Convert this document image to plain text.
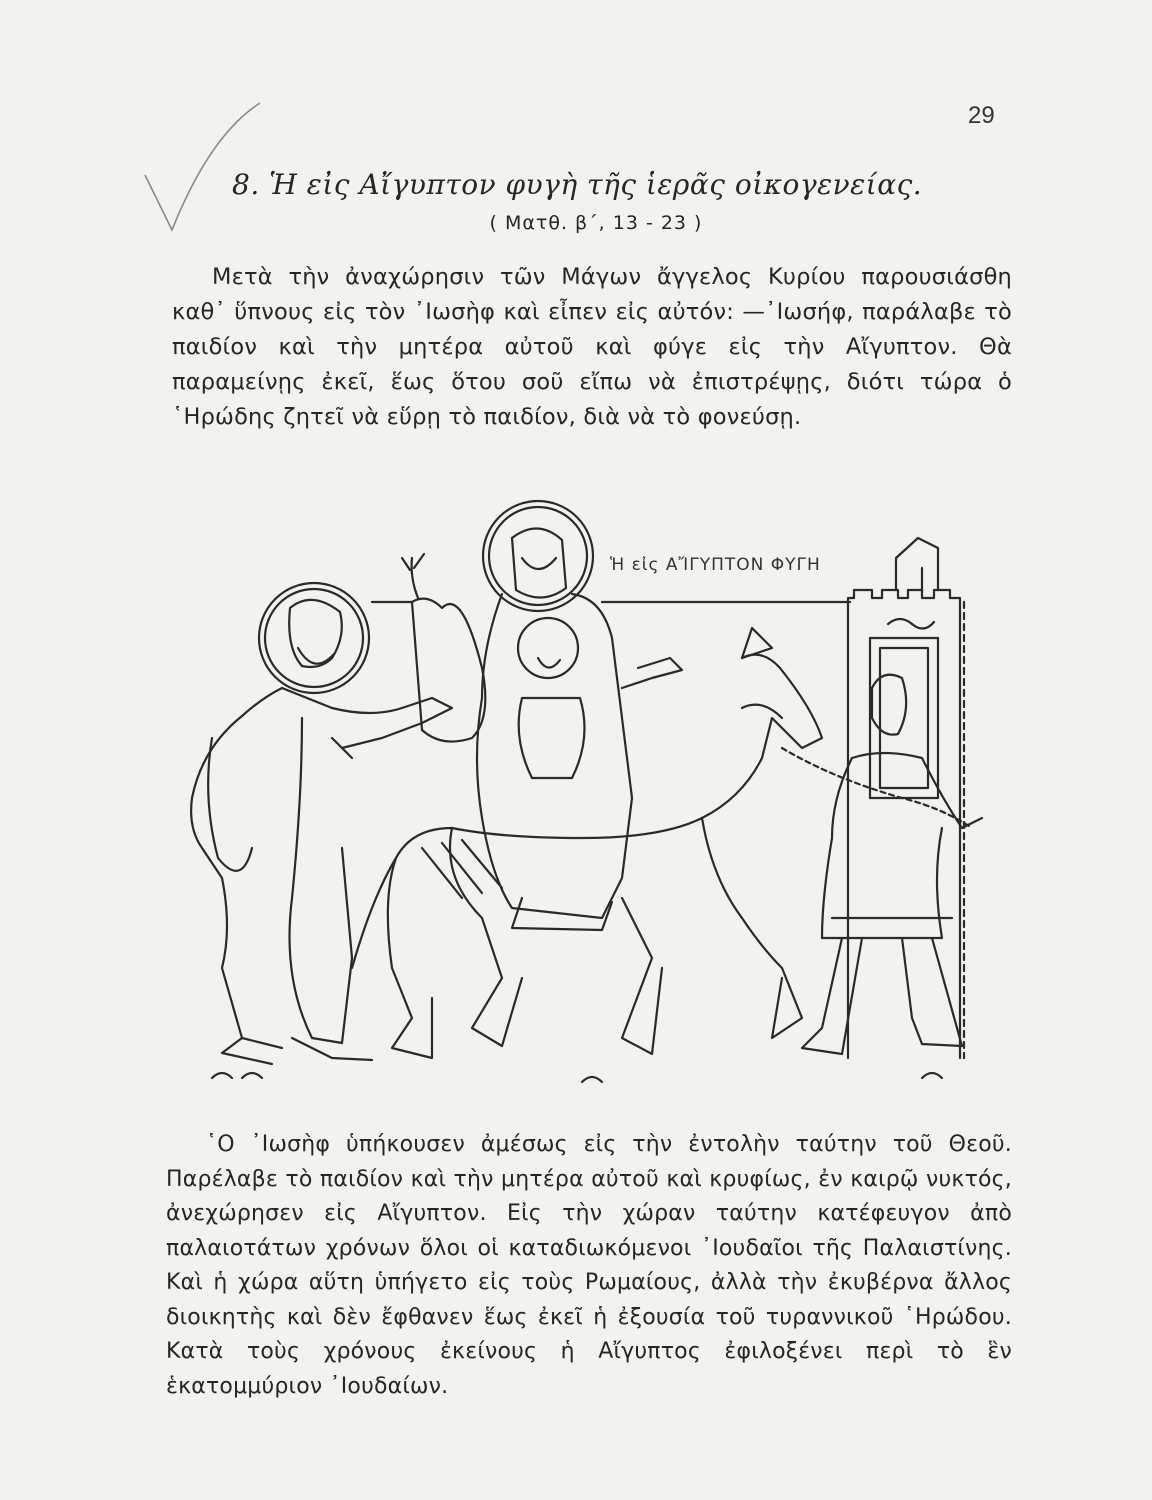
29
8. Ἡ εἰς Αἴγυπτον φυγὴ τῆς ἱερᾶς οἰκογενείας.
( Ματθ. β΄, 13 - 23 )
Μετὰ τὴν ἀναχώρησιν τῶν Μάγων ἄγγελος Κυρίου παρουσιάσθη καθ᾽ ὕπνους εἰς τὸν ᾿Ιωσὴφ καὶ εἶπεν εἰς αὐτόν: —᾿Ιωσήφ, παράλαβε τὸ παιδίον καὶ τὴν μητέρα αὐτοῦ καὶ φύγε εἰς τὴν Αἴγυπτον. Θὰ παραμείνῃς ἐκεῖ, ἕως ὅτου σοῦ εἴπω νὰ ἐπιστρέψῃς, διότι τώρα ὁ ῾Ηρώδης ζητεῖ νὰ εὕρῃ τὸ παιδίον, διὰ νὰ τὸ φονεύσῃ.
Ἡ εἰς ΑἼΓΥΠΤΟΝ ΦΥΓΗ
῾Ο ᾿Ιωσὴφ ὑπήκουσεν ἀμέσως εἰς τὴν ἐντολὴν ταύτην τοῦ Θεοῦ. Παρέλαβε τὸ παιδίον καὶ τὴν μητέρα αὐτοῦ καὶ κρυφίως, ἐν καιρῷ νυκτός, ἀνεχώρησεν εἰς Αἴγυπτον. Εἰς τὴν χώραν ταύτην κατέφευγον ἀπὸ παλαιοτάτων χρόνων ὅλοι οἱ καταδιωκόμενοι ᾿Ιουδαῖοι τῆς Παλαιστίνης. Καὶ ἡ χώρα αὕτη ὑπήγετο εἰς τοὺς Ρωμαίους, ἀλλὰ τὴν ἐκυβέρνα ἄλλος διοικητὴς καὶ δὲν ἔφθανεν ἕως ἐκεῖ ἡ ἐξουσία τοῦ τυραννικοῦ ῾Ηρώδου. Κατὰ τοὺς χρόνους ἐκείνους ἡ Αἴγυπτος ἐφιλοξένει περὶ τὸ ἓν ἑκατομμύριον ᾿Ιουδαίων.
